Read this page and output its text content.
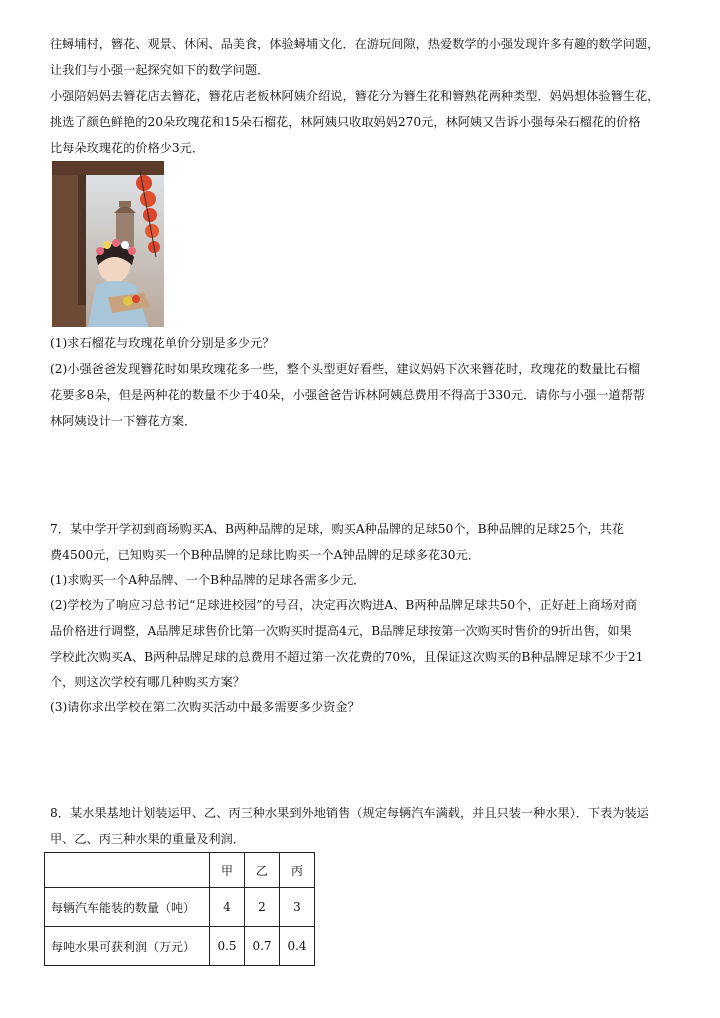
往蟳埔村，簪花、观景、休闲、品美食，体验蟳埔文化．在游玩间隙，热爱数学的小强发现许多有趣的数学问题，
让我们与小强一起探究如下的数学问题．
小强陪妈妈去簪花店去簪花，簪花店老板林阿姨介绍说，簪花分为簪生花和簪熟花两种类型．妈妈想体验簪生花，
挑选了颜色鲜艳的20朵玫瑰花和15朵石榴花，林阿姨只收取妈妈270元，林阿姨又告诉小强每朵石榴花的价格
比每朵玫瑰花的价格少3元．
(1)求石榴花与玫瑰花单价分别是多少元？
(2)小强爸爸发现簪花时如果玫瑰花多一些，整个头型更好看些，建议妈妈下次来簪花时，玫瑰花的数量比石榴
花要多8朵，但是两种花的数量不少于40朵，小强爸爸告诉林阿姨总费用不得高于330元．请你与小强一道帮帮
林阿姨设计一下簪花方案．
7．某中学开学初到商场购买A、B两种品牌的足球，购买A种品牌的足球50个，B种品牌的足球25个，共花
费4500元，已知购买一个B种品牌的足球比购买一个A钟品牌的足球多花30元．
(1)求购买一个A种品牌、一个B种品牌的足球各需多少元．
(2)学校为了响应习总书记“足球进校园”的号召，决定再次购进A、B两种品牌足球共50个，正好赶上商场对商
品价格进行调整，A品牌足球售价比第一次购买时提高4元，B品牌足球按第一次购买时售价的9折出售，如果
学校此次购买A、B两种品牌足球的总费用不超过第一次花费的70%，且保证这次购买的B种品牌足球不少于21
个，则这次学校有哪几种购买方案？
(3)请你求出学校在第二次购买活动中最多需要多少资金？
8．某水果基地计划装运甲、乙、丙三种水果到外地销售（规定每辆汽车满载，并且只装一种水果）．下表为装运
甲、乙、丙三种水果的重量及利润．
	甲	乙	丙
每辆汽车能装的数量（吨）	4	2	3
每吨水果可获利润（万元）	0.5	0.7	0.4
